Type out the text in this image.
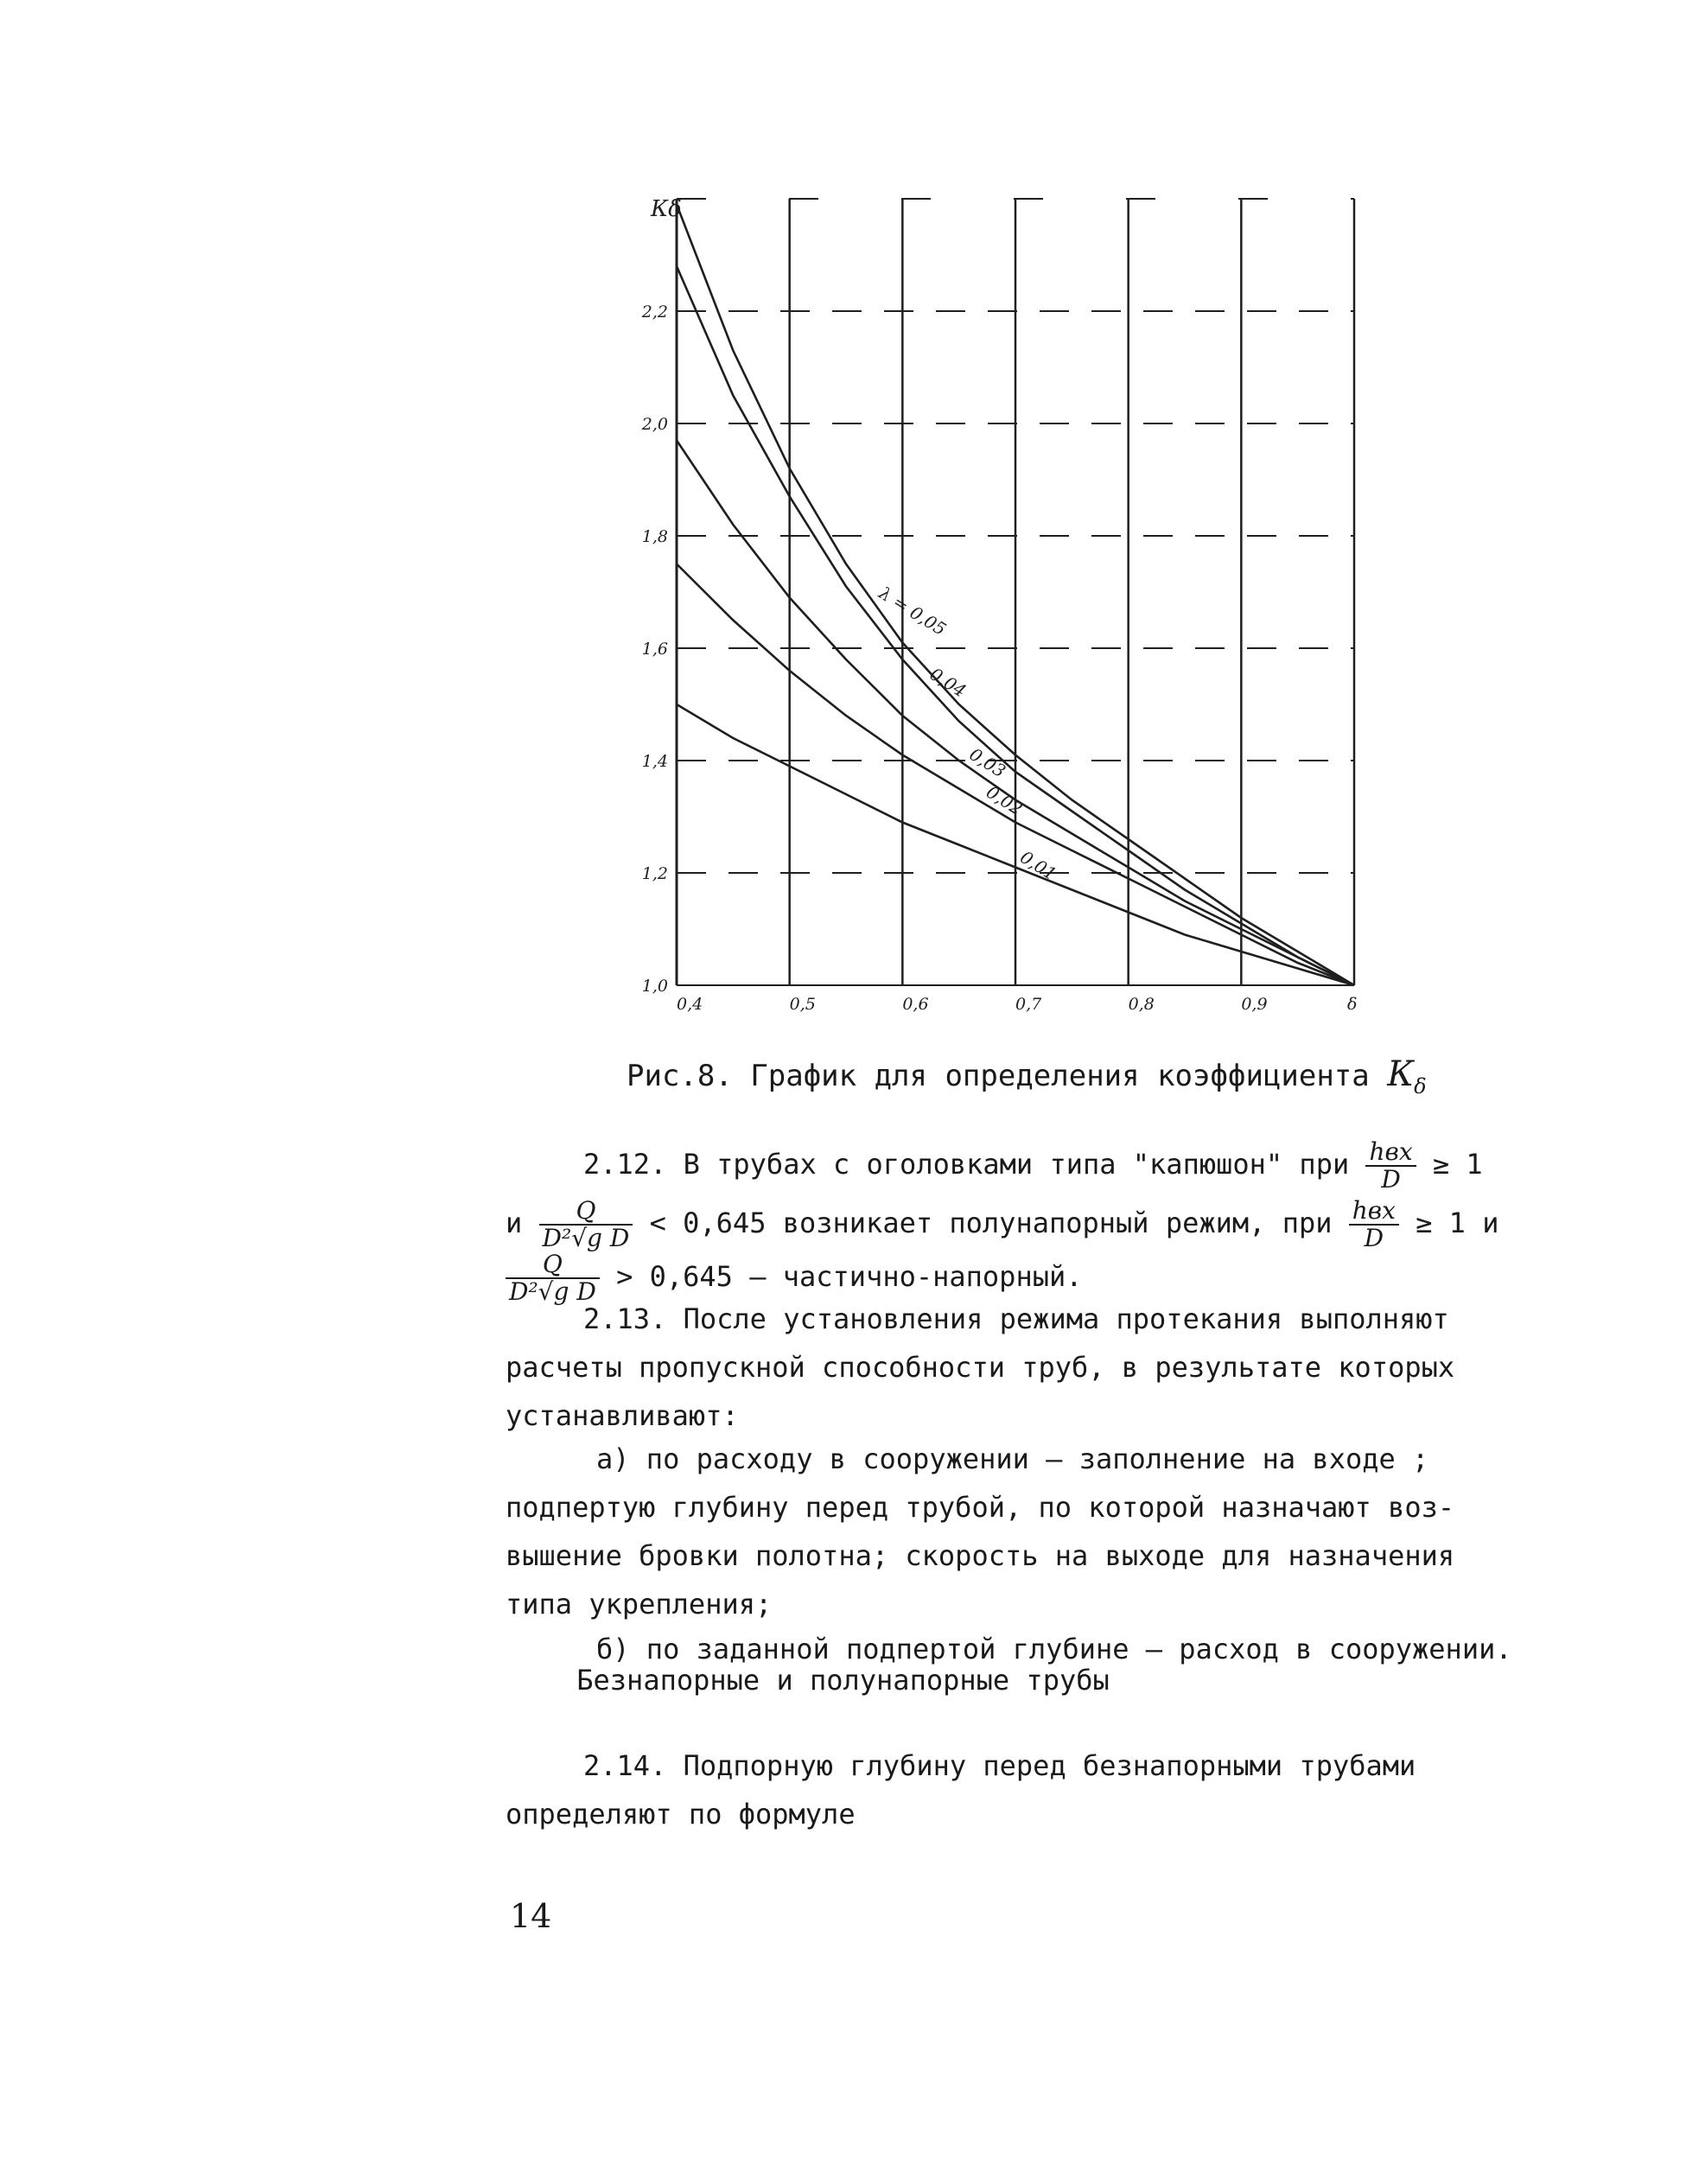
1,0
1,2
1,4
1,6
1,8
2,0
2,2
0,4	0,5	0,6	0,7	0,8	0,9	δ
Кδ
λ = 0,05
0,04
0,03
0,02
0,01
Рис.8. График для определения коэффициента $К_\delta$
2.12. В трубах с оголовками типа "капюшон" при $\frac{\text{hвх}}{D} \ge 1$
и $\frac{Q}{\text{D²√g D}} < 0,645$ возникает полунапорный режим, при $\frac{\text{hвх}}{D} \ge 1$ и
$\frac{Q}{\text{D²√g D}} > 0,645$ – частично-напорный.
2.13. После установления режима протекания выполняют
расчеты пропускной способности труб, в результате которых
устанавливают:
а) по расходу в сооружении – заполнение на входе ;
подпертую глубину перед трубой, по которой назначают воз-
вышение бровки полотна; скорость на выходе для назначения
типа укрепления;
б) по заданной подпертой глубине – расход в сооружении.
Безнапорные и полунапорные трубы
2.14. Подпорную глубину перед безнапорными трубами
определяют по формуле
14
